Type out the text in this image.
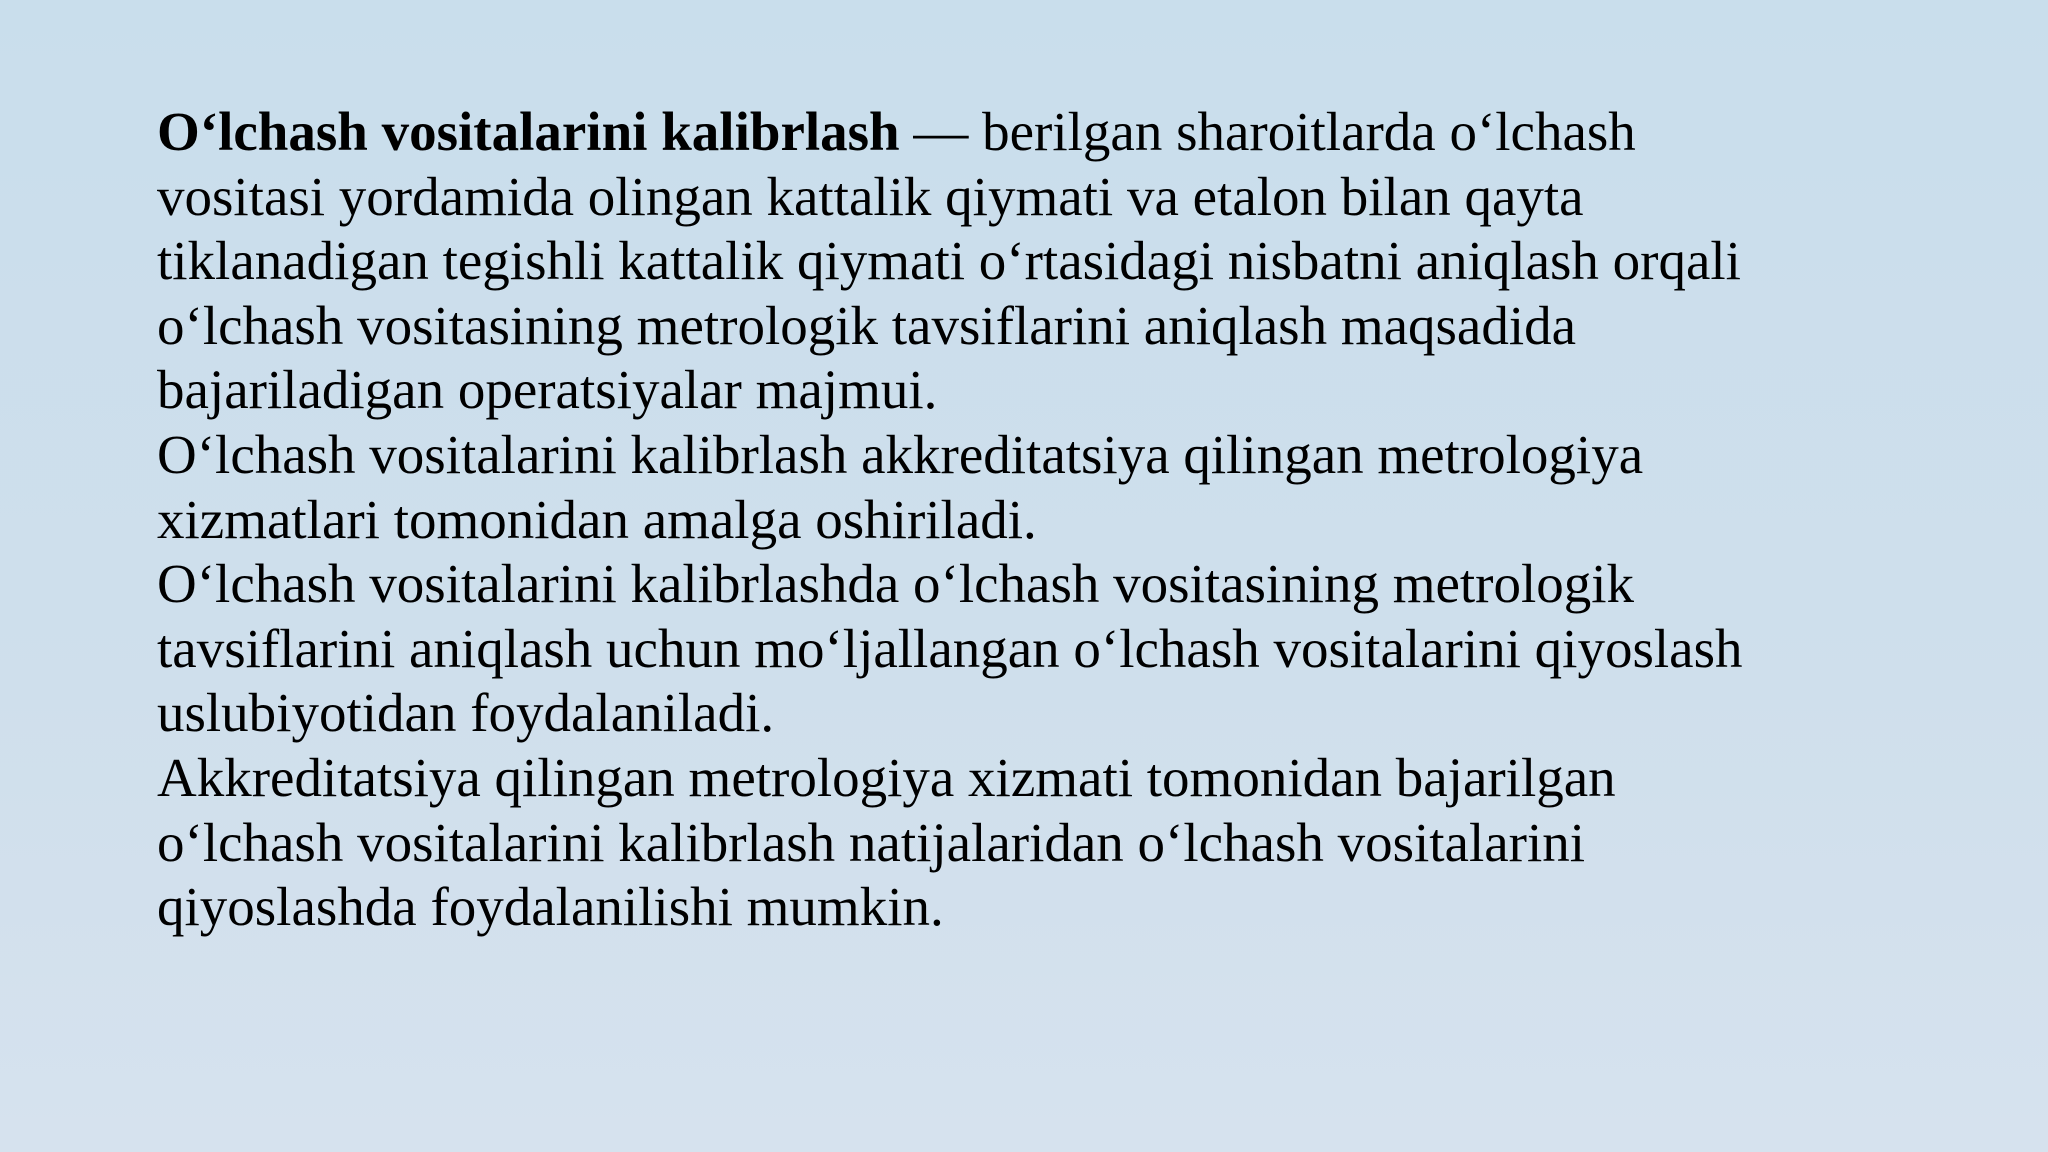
O‘lchash vositalarini kalibrlash — berilgan sharoitlarda o‘lchash
vositasi yordamida olingan kattalik qiymati va etalon bilan qayta
tiklanadigan tegishli kattalik qiymati o‘rtasidagi nisbatni aniqlash orqali
o‘lchash vositasining metrologik tavsiflarini aniqlash maqsadida
bajariladigan operatsiyalar majmui.
O‘lchash vositalarini kalibrlash akkreditatsiya qilingan metrologiya
xizmatlari tomonidan amalga oshiriladi.
O‘lchash vositalarini kalibrlashda o‘lchash vositasining metrologik
tavsiflarini aniqlash uchun mo‘ljallangan o‘lchash vositalarini qiyoslash
uslubiyotidan foydalaniladi.
Akkreditatsiya qilingan metrologiya xizmati tomonidan bajarilgan
o‘lchash vositalarini kalibrlash natijalaridan o‘lchash vositalarini
qiyoslashda foydalanilishi mumkin.
